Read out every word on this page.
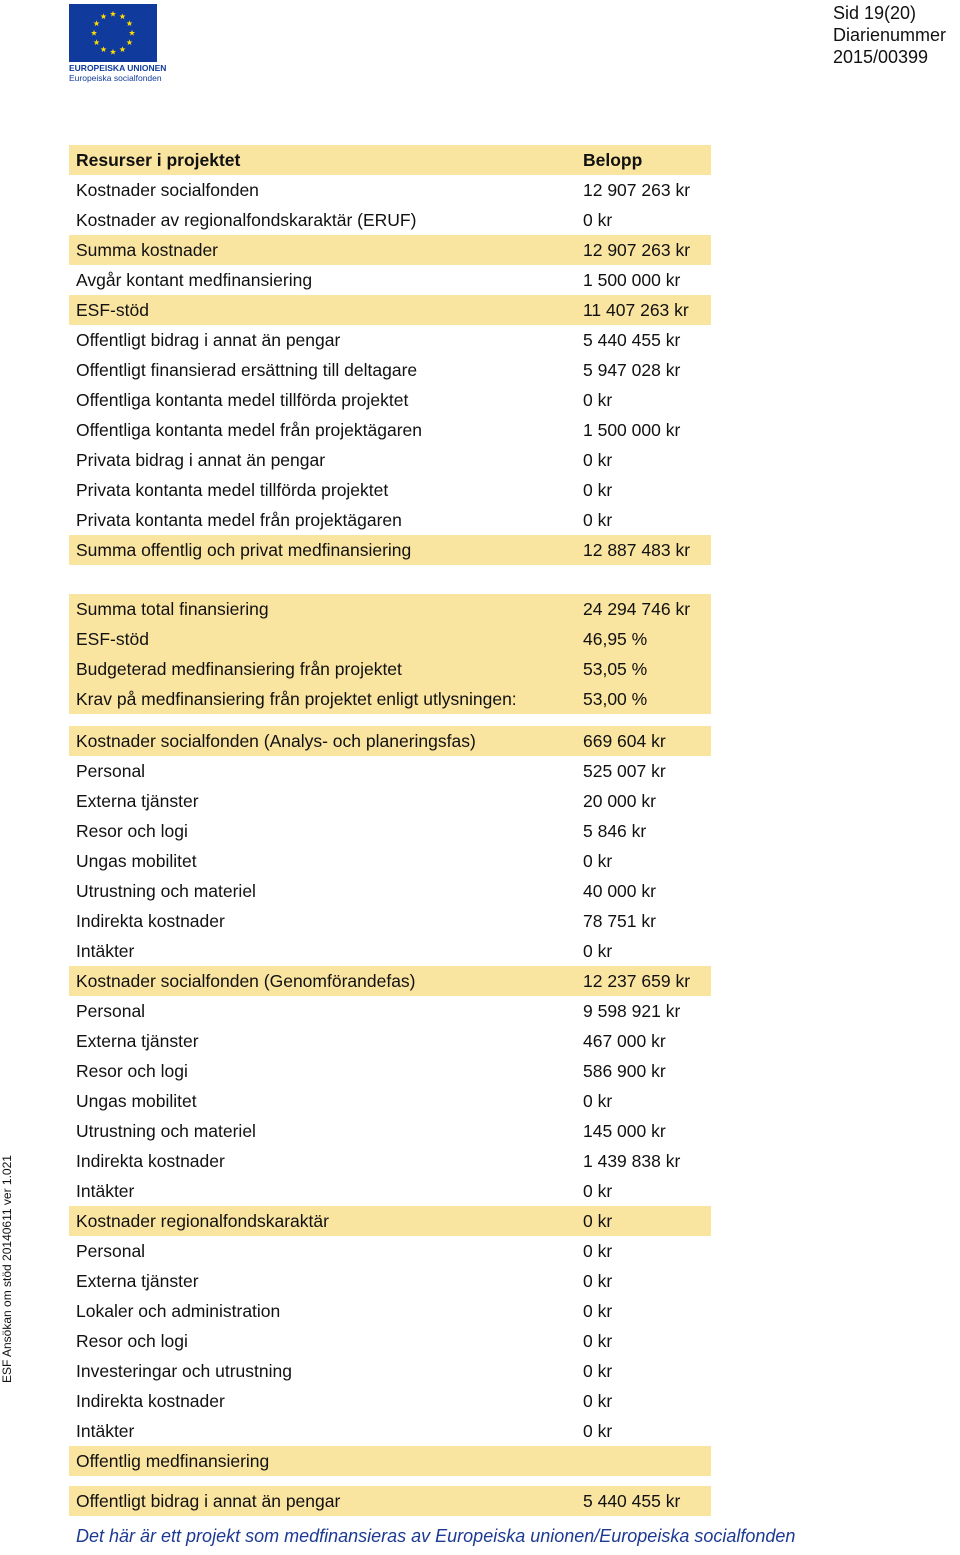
EUROPEISKA UNIONEN
Europeiska socialfonden
Sid 19(20)
Diarienummer
2015/00399
ESF Ansökan om stöd 20140611 ver 1.021
Resurser i projektet	Belopp
Kostnader socialfonden	12 907 263 kr
Kostnader av regionalfondskaraktär (ERUF)	0 kr
Summa kostnader	12 907 263 kr
Avgår kontant medfinansiering	1 500 000 kr
ESF-stöd	11 407 263 kr
Offentligt bidrag i annat än pengar	5 440 455 kr
Offentligt finansierad ersättning till deltagare	5 947 028 kr
Offentliga kontanta medel tillförda projektet	0 kr
Offentliga kontanta medel från projektägaren	1 500 000 kr
Privata bidrag i annat än pengar	0 kr
Privata kontanta medel tillförda projektet	0 kr
Privata kontanta medel från projektägaren	0 kr
Summa offentlig och privat medfinansiering	12 887 483 kr
Summa total finansiering	24 294 746 kr
ESF-stöd	46,95 %
Budgeterad medfinansiering från projektet	53,05 %
Krav på medfinansiering från projektet enligt utlysningen:	53,00 %
Kostnader socialfonden (Analys- och planeringsfas)	669 604 kr
Personal	525 007 kr
Externa tjänster	20 000 kr
Resor och logi	5 846 kr
Ungas mobilitet	0 kr
Utrustning och materiel	40 000 kr
Indirekta kostnader	78 751 kr
Intäkter	0 kr
Kostnader socialfonden (Genomförandefas)	12 237 659 kr
Personal	9 598 921 kr
Externa tjänster	467 000 kr
Resor och logi	586 900 kr
Ungas mobilitet	0 kr
Utrustning och materiel	145 000 kr
Indirekta kostnader	1 439 838 kr
Intäkter	0 kr
Kostnader regionalfondskaraktär	0 kr
Personal	0 kr
Externa tjänster	0 kr
Lokaler och administration	0 kr
Resor och logi	0 kr
Investeringar och utrustning	0 kr
Indirekta kostnader	0 kr
Intäkter	0 kr
Offentlig medfinansiering
Offentligt bidrag i annat än pengar	5 440 455 kr
Det här är ett projekt som medfinansieras av Europeiska unionen/Europeiska socialfonden
